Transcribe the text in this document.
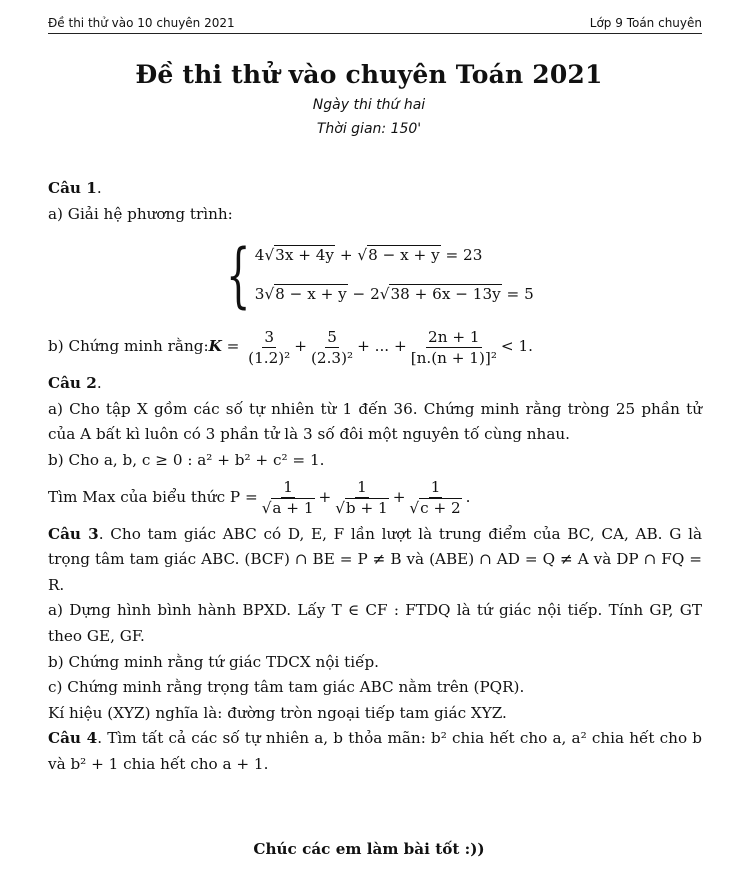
Đề thi thử vào 10 chuyên 2021	Lớp 9 Toán chuyên
Đề thi thử vào chuyên Toán 2021
Ngày thi thứ hai
Thời gian: 150'
Câu 1.
a) Giải hệ phương trình:
{ 4√3x + 4y + √8 − x + y = 23
3√8 − x + y − 2√38 + 6x − 13y = 5
b) Chứng minh rằng: $K = \frac{3}{\text{(1.2)²}} + \frac{5}{\text{(2.3)²}}$ + ... + $\frac{2n + 1}{\text{[n.(n + 1)]²}} < 1$.
Câu 2.
a) Cho tập X gồm các số tự nhiên từ 1 đến 36. Chứng minh rằng tròng 25 phần tử của A bất kì luôn có 3 phần tử là 3 số đôi một nguyên tố cùng nhau.
b) Cho a, b, c ≥ 0 : a² + b² + c² = 1.
Tìm Max của biểu thức $P = \frac{1}{√a + 1} + \frac{1}{√b + 1} + \frac{1}{√c + 2}$ .
Câu 3. Cho tam giác ABC có D, E, F lần lượt là trung điểm của BC, CA, AB. G là trọng tâm tam giác ABC. (BCF) ∩ BE = P ≠ B và (ABE) ∩ AD = Q ≠ A và DP ∩ FQ = R.
a) Dựng hình bình hành BPXD. Lấy T ∈ CF : FTDQ là tứ giác nội tiếp. Tính GP, GT theo GE, GF.
b) Chứng minh rằng tứ giác TDCX nội tiếp.
c) Chứng minh rằng trọng tâm tam giác ABC nằm trên (PQR).
Kí hiệu (XYZ) nghĩa là: đường tròn ngoại tiếp tam giác XYZ.
Câu 4. Tìm tất cả các số tự nhiên a, b thỏa mãn: b² chia hết cho a, a² chia hết cho b và b² + 1 chia hết cho a + 1.
Chúc các em làm bài tốt :))
